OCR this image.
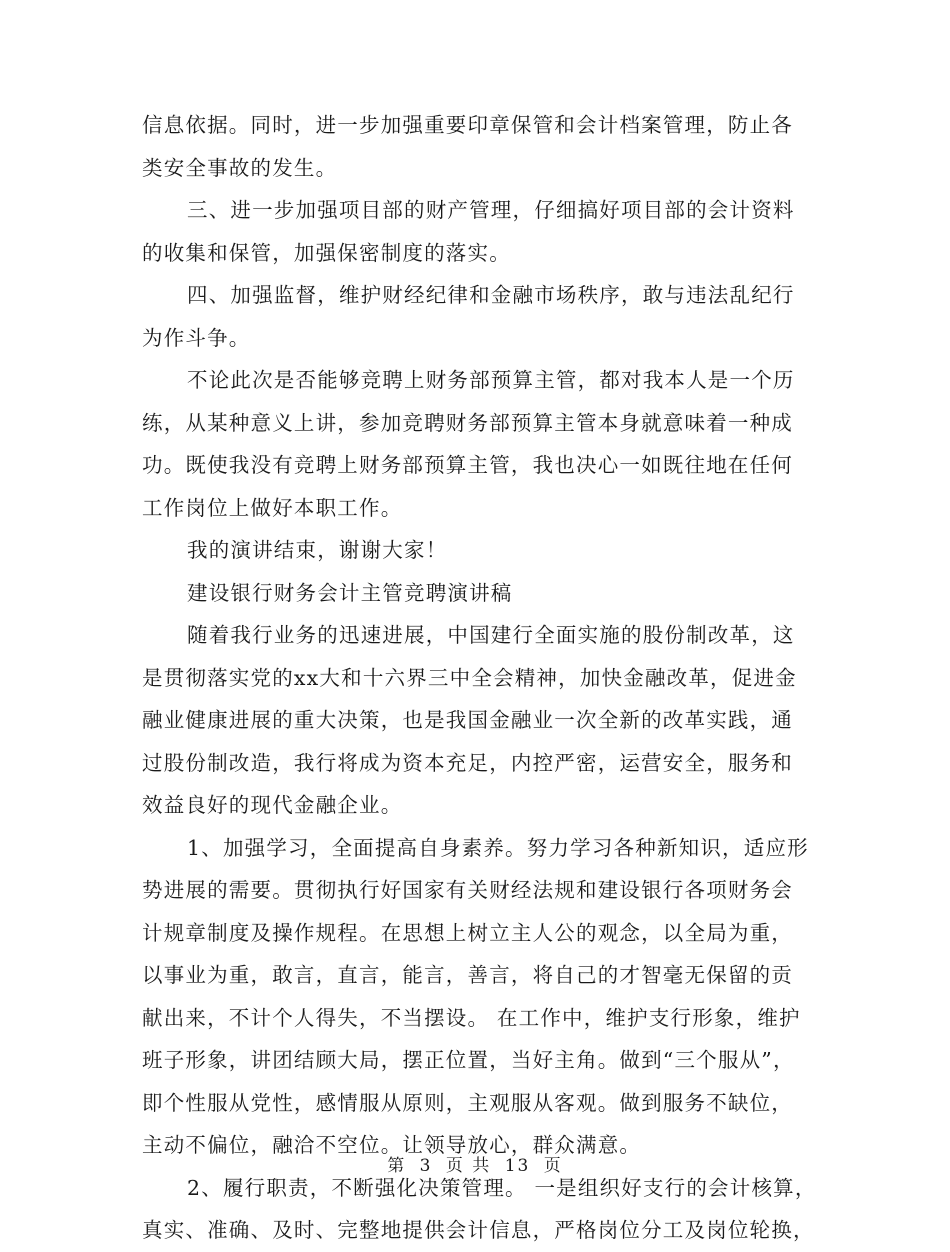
信息依据。同时，进一步加强重要印章保管和会计档案管理，防止各
类安全事故的发生。
三、进一步加强项目部的财产管理，仔细搞好项目部的会计资料
的收集和保管，加强保密制度的落实。
四、加强监督，维护财经纪律和金融市场秩序，敢与违法乱纪行
为作斗争。
不论此次是否能够竞聘上财务部预算主管，都对我本人是一个历
练，从某种意义上讲，参加竞聘财务部预算主管本身就意味着一种成
功。既使我没有竞聘上财务部预算主管，我也决心一如既往地在任何
工作岗位上做好本职工作。
我的演讲结束，谢谢大家！
建设银行财务会计主管竞聘演讲稿
随着我行业务的迅速进展，中国建行全面实施的股份制改革，这
是贯彻落实党的xx大和十六界三中全会精神，加快金融改革，促进金
融业健康进展的重大决策，也是我国金融业一次全新的改革实践，通
过股份制改造，我行将成为资本充足，内控严密，运营安全，服务和
效益良好的现代金融企业。
1、加强学习，全面提高自身素养。努力学习各种新知识，适应形
势进展的需要。贯彻执行好国家有关财经法规和建设银行各项财务会
计规章制度及操作规程。在思想上树立主人公的观念，以全局为重，
以事业为重，敢言，直言，能言，善言，将自己的才智毫无保留的贡
献出来，不计个人得失，不当摆设。 在工作中，维护支行形象，维护
班子形象，讲团结顾大局，摆正位置，当好主角。做到“三个服从”，
即个性服从党性，感情服从原则，主观服从客观。做到服务不缺位，
主动不偏位，融洽不空位。让领导放心，群众满意。
2、履行职责，不断强化决策管理。 一是组织好支行的会计核算，
真实、准确、及时、完整地提供会计信息，严格岗位分工及岗位轮换，
第 3 页 共 13 页
